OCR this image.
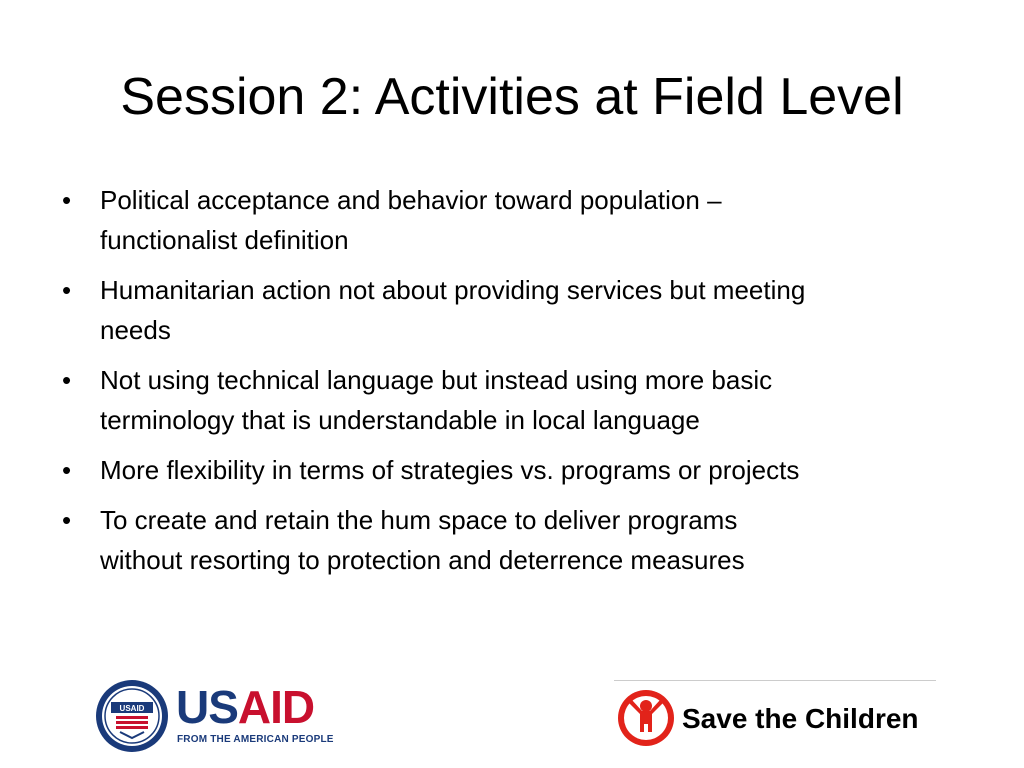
Session 2: Activities at Field Level
•	Political acceptance and behavior toward population –
functionalist definition
•	Humanitarian action not about providing services but meeting
needs
•	Not using technical language but instead using more basic
terminology that is understandable in local language
•	More flexibility in terms of strategies vs. programs or projects
•	To create and retain the hum space to deliver programs
without resorting to protection and deterrence measures
USAID USAID
FROM THE AMERICAN PEOPLE
Save the Children
